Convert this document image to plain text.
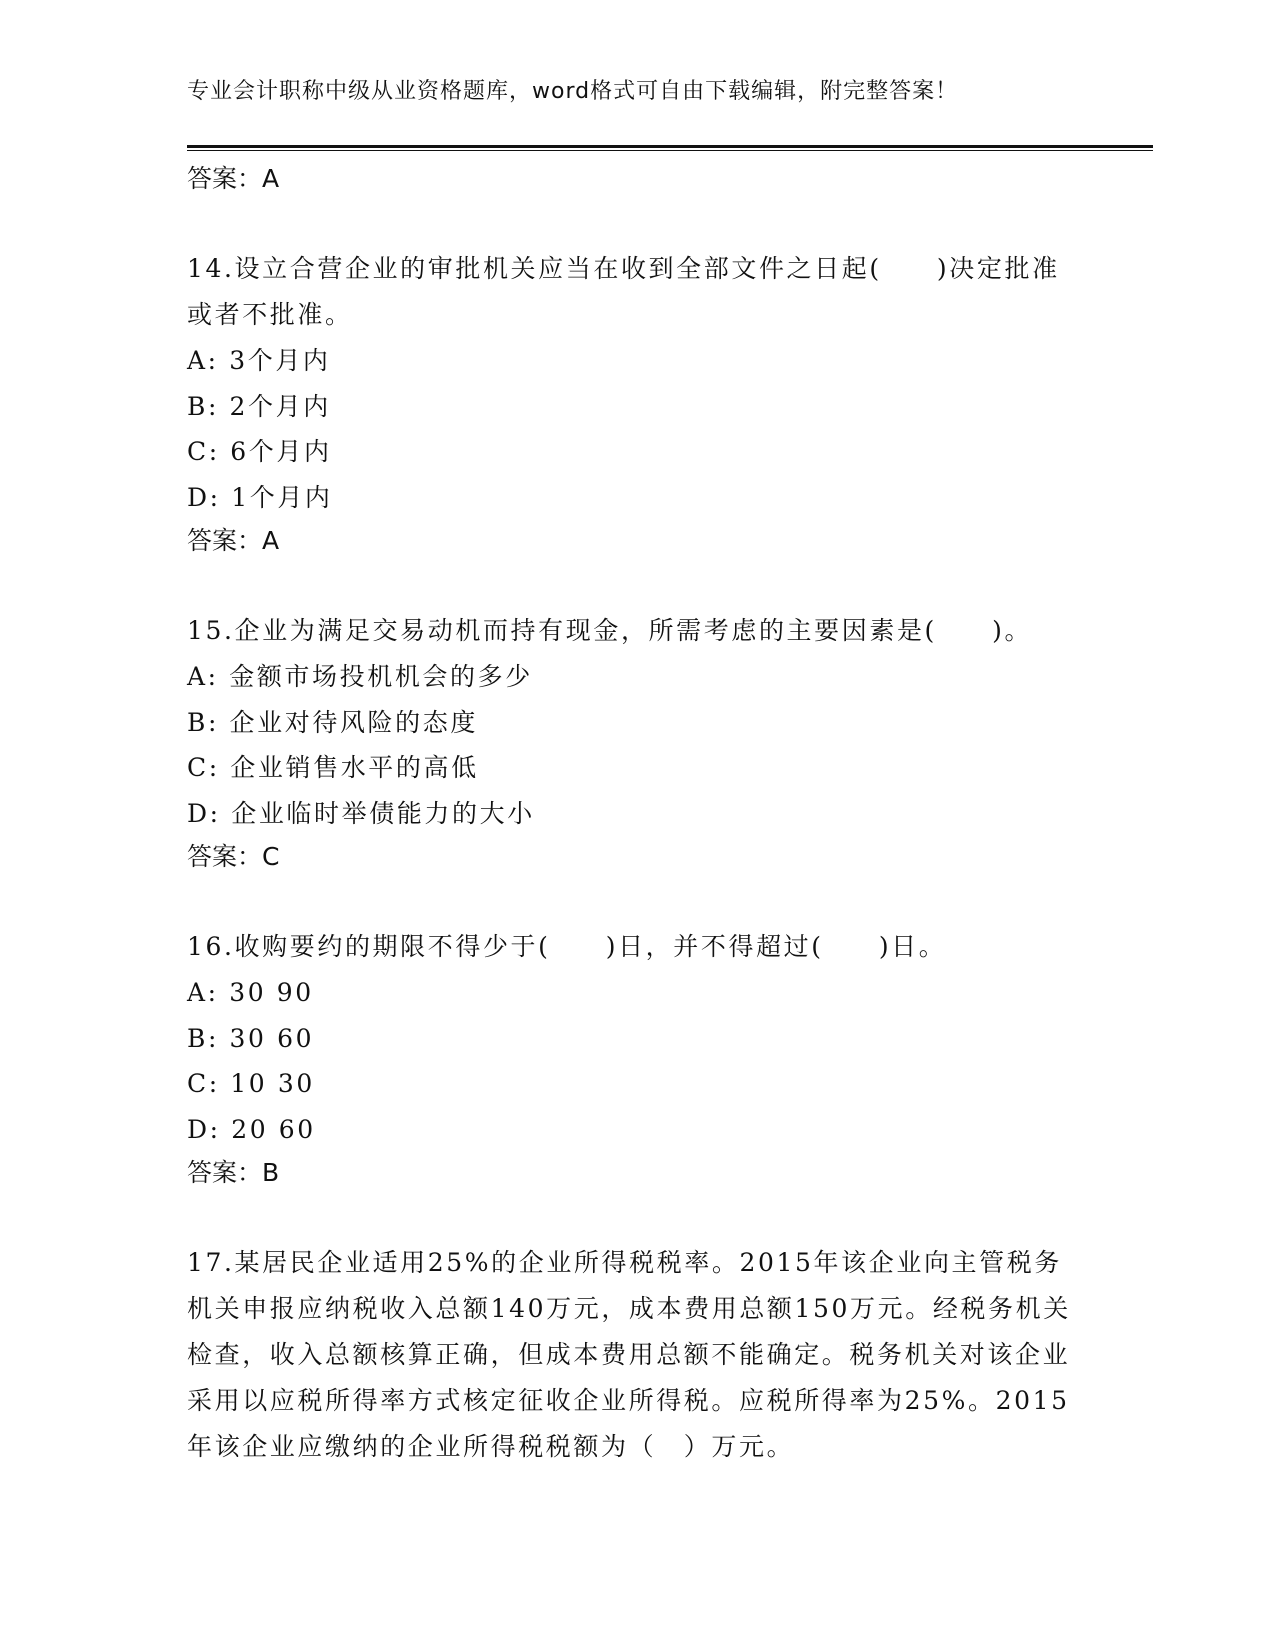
专业会计职称中级从业资格题库，word格式可自由下载编辑，附完整答案！
答案：A
14.设立合营企业的审批机关应当在收到全部文件之日起(　　)决定批准或者不批准。
A: 3个月内
B: 2个月内
C: 6个月内
D: 1个月内
答案：A
15.企业为满足交易动机而持有现金，所需考虑的主要因素是(　　)。
A: 金额市场投机机会的多少
B: 企业对待风险的态度
C: 企业销售水平的高低
D: 企业临时举债能力的大小
答案：C
16.收购要约的期限不得少于(　　)日，并不得超过(　　)日。
A: 30 90
B: 30 60
C: 10 30
D: 20 60
答案：B
17.某居民企业适用25%的企业所得税税率。2015年该企业向主管税务机关申报应纳税收入总额140万元，成本费用总额150万元。经税务机关检查，收入总额核算正确，但成本费用总额不能确定。税务机关对该企业采用以应税所得率方式核定征收企业所得税。应税所得率为25%。2015年该企业应缴纳的企业所得税税额为（　）万元。
